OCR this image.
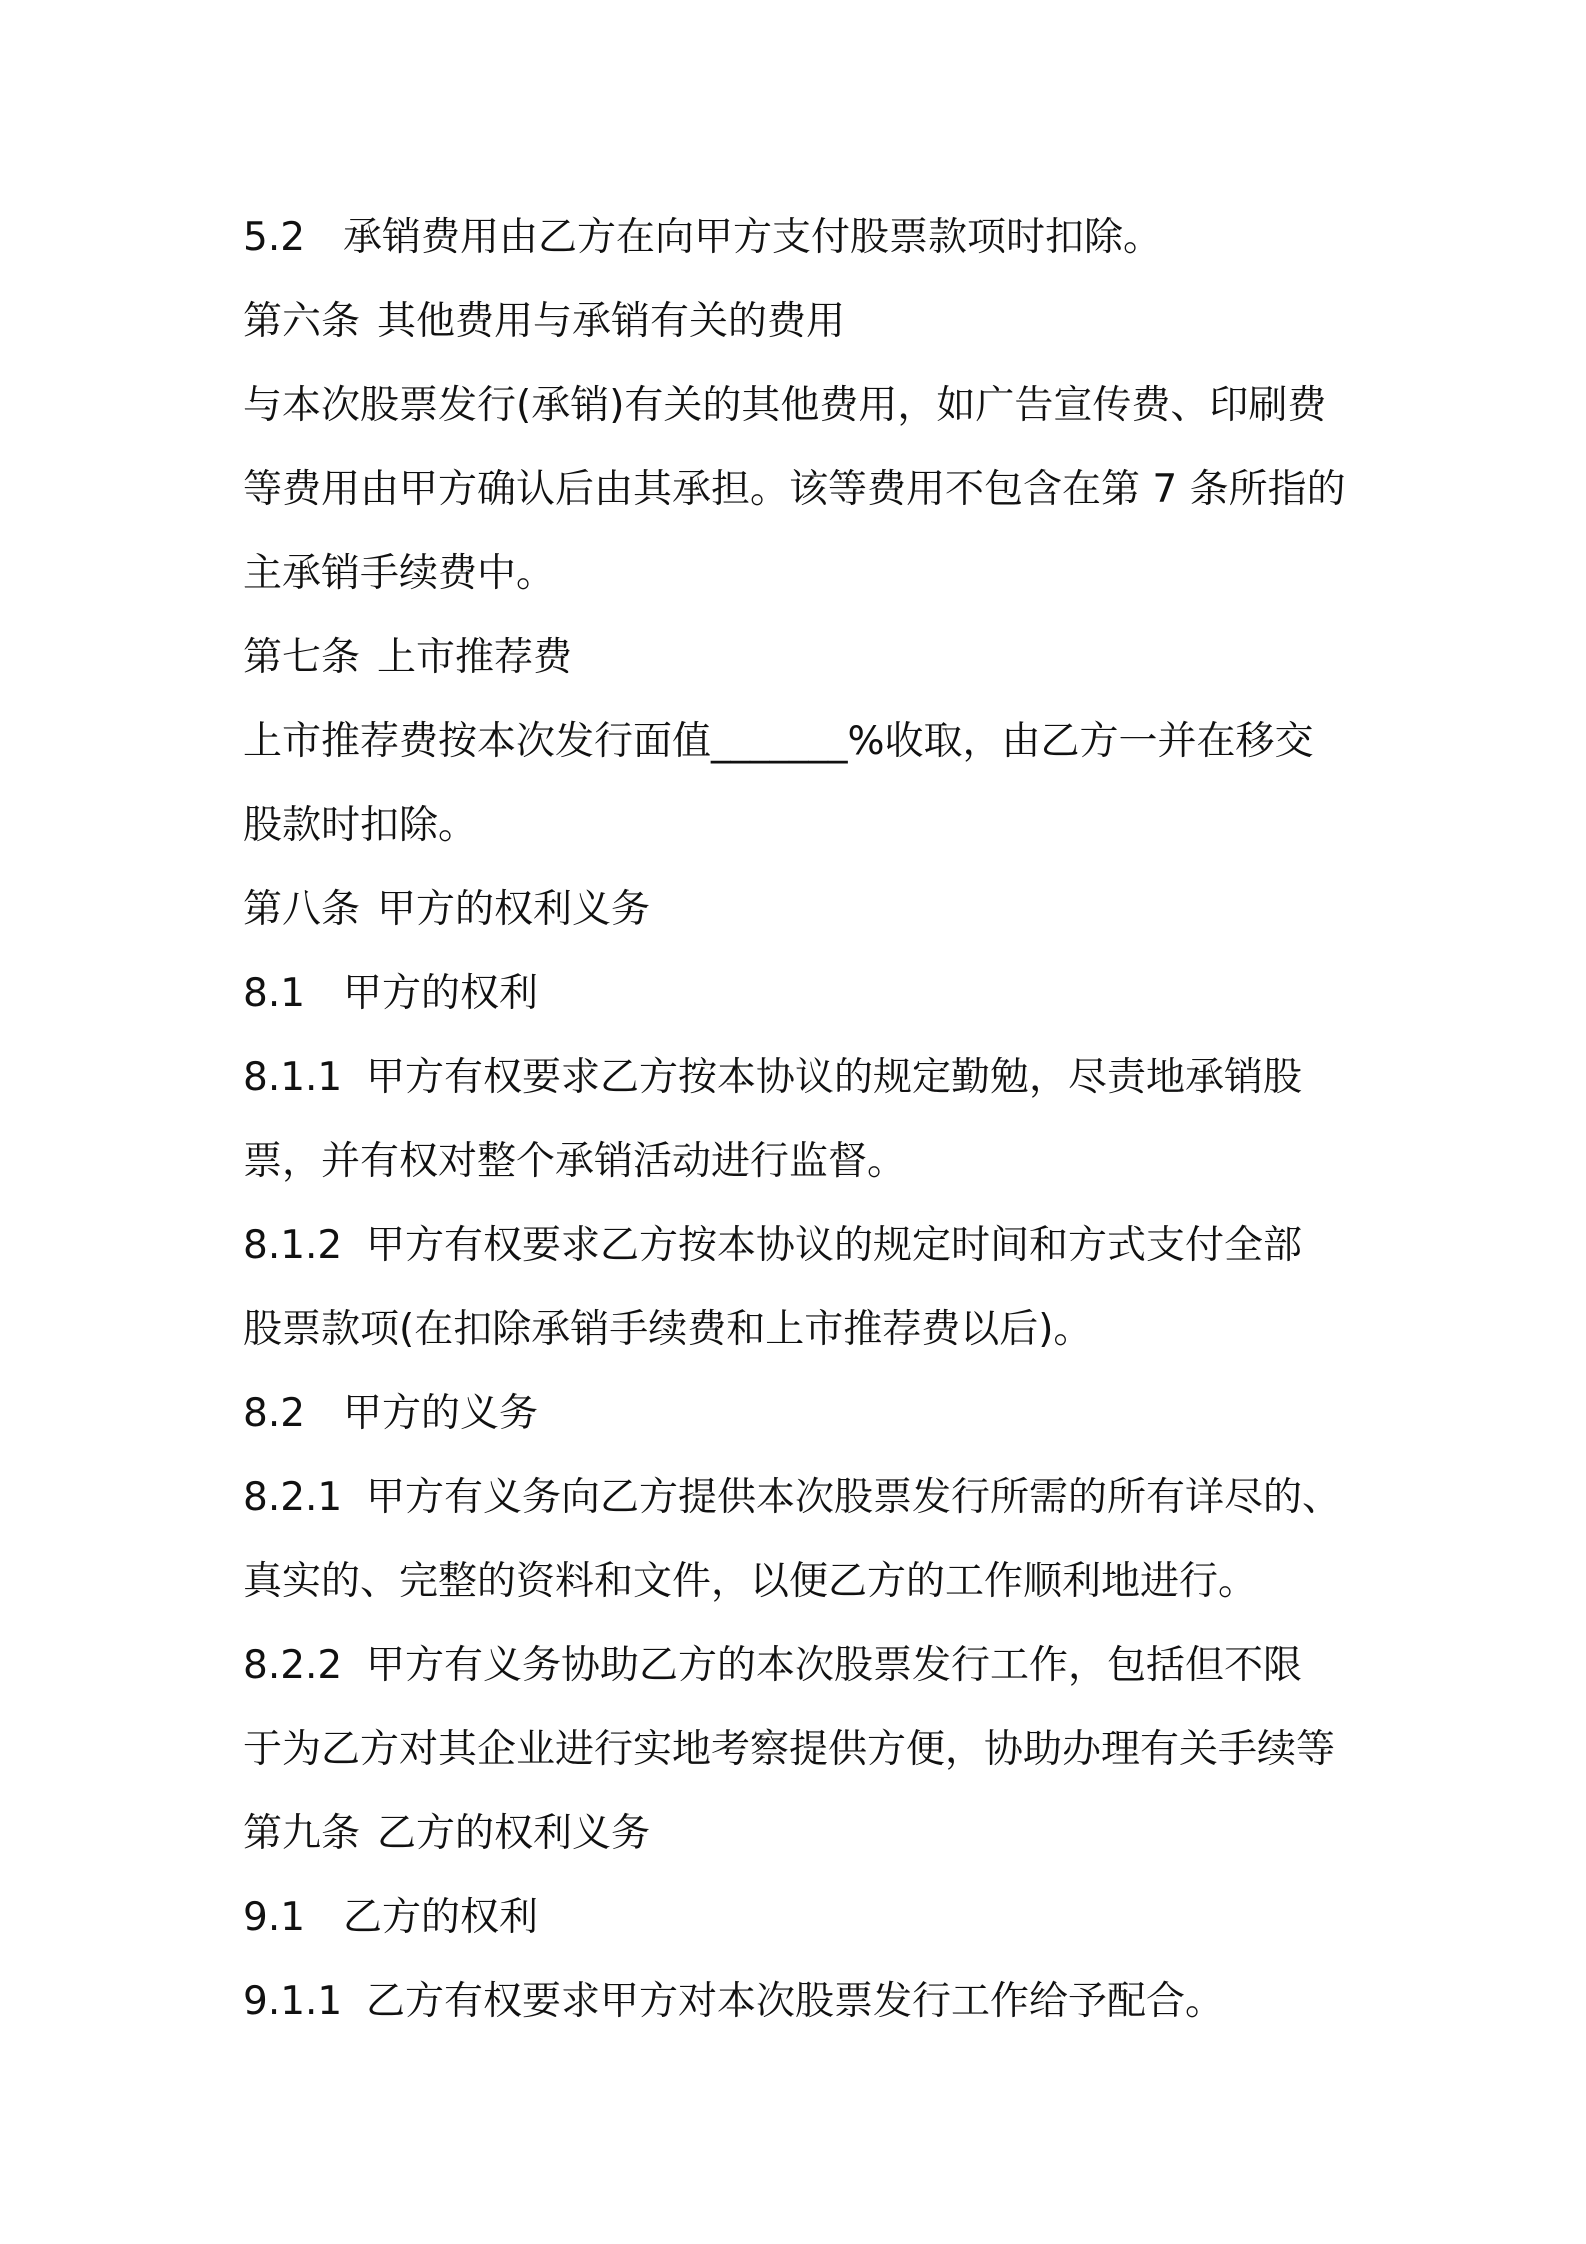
5.2 承销费用由乙方在向甲方支付股票款项时扣除。
第六条 其他费用与承销有关的费用
与本次股票发行(承销)有关的其他费用，如广告宣传费、印刷费
等费用由甲方确认后由其承担。该等费用不包含在第 7 条所指的
主承销手续费中。
第七条 上市推荐费
上市推荐费按本次发行面值_______%收取，由乙方一并在移交
股款时扣除。
第八条 甲方的权利义务
8.1 甲方的权利
8.1.1 甲方有权要求乙方按本协议的规定勤勉，尽责地承销股
票，并有权对整个承销活动进行监督。
8.1.2 甲方有权要求乙方按本协议的规定时间和方式支付全部
股票款项(在扣除承销手续费和上市推荐费以后)。
8.2 甲方的义务
8.2.1 甲方有义务向乙方提供本次股票发行所需的所有详尽的、
真实的、完整的资料和文件，以便乙方的工作顺利地进行。
8.2.2 甲方有义务协助乙方的本次股票发行工作，包括但不限
于为乙方对其企业进行实地考察提供方便，协助办理有关手续等
第九条 乙方的权利义务
9.1 乙方的权利
9.1.1 乙方有权要求甲方对本次股票发行工作给予配合。
